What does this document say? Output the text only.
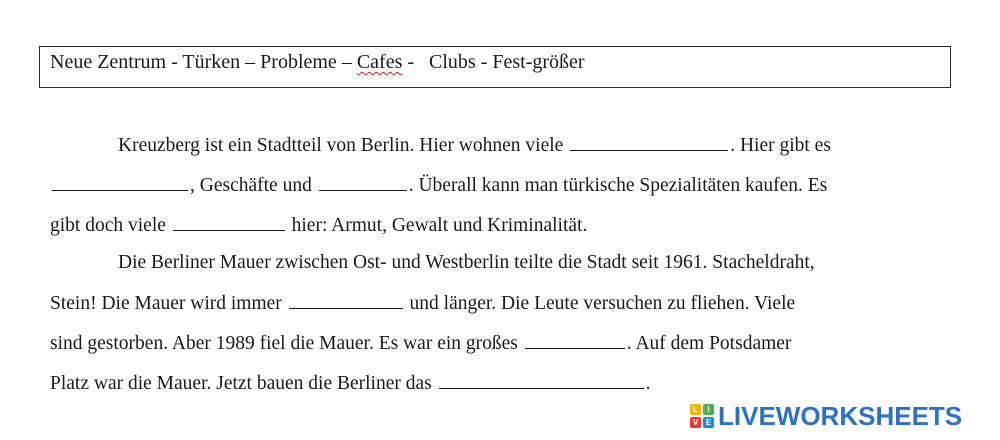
Neue Zentrum - Türken – Probleme – Cafes -   Clubs - Fest-größer
Kreuzberg ist ein Stadtteil von Berlin. Hier wohnen viele	. Hier gibt es
, Geschäfte und	. Überall kann man türkische Spezialitäten kaufen. Es
gibt doch viele	hier: Armut, Gewalt und Kriminalität.
Die Berliner Mauer zwischen Ost- und Westberlin teilte die Stadt seit 1961. Stacheldraht,
Stein! Die Mauer wird immer	und länger. Die Leute versuchen zu fliehen. Viele
sind gestorben. Aber 1989 fiel die Mauer. Es war ein großes	. Auf dem Potsdamer
Platz war die Mauer. Jetzt bauen die Berliner das	.
L	I
V E LIVEWORKSHEETS
